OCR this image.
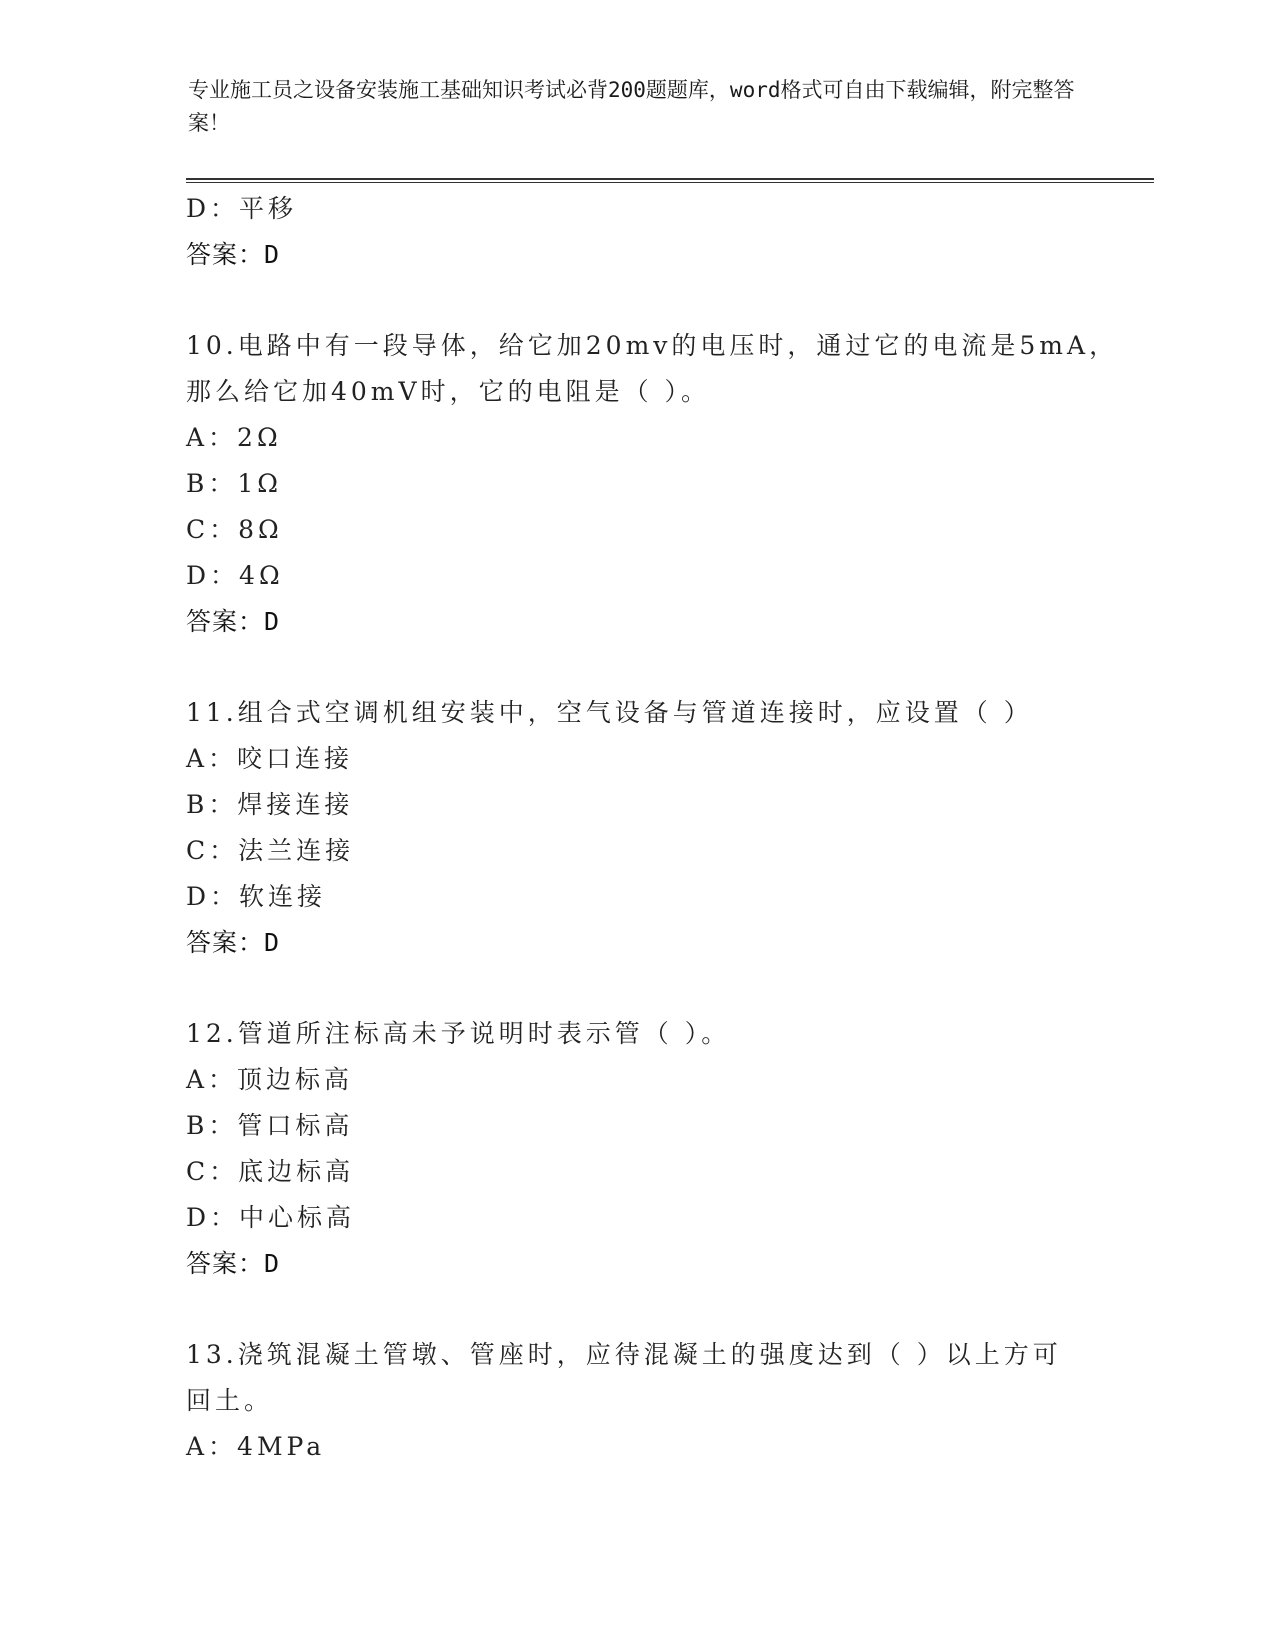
专业施工员之设备安装施工基础知识考试必背200题题库，word格式可自由下载编辑，附完整答案！
D：平移
答案：D
10.电路中有一段导体，给它加20mv的电压时，通过它的电流是5mA，
那么给它加40mV时，它的电阻是（ ）。
A：2Ω
B：1Ω
C：8Ω
D：4Ω
答案：D
11.组合式空调机组安装中，空气设备与管道连接时，应设置（ ）
A：咬口连接
B：焊接连接
C：法兰连接
D：软连接
答案：D
12.管道所注标高未予说明时表示管（ ）。
A：顶边标高
B：管口标高
C：底边标高
D：中心标高
答案：D
13.浇筑混凝土管墩、管座时，应待混凝土的强度达到（ ）以上方可
回土。
A：4MPa
